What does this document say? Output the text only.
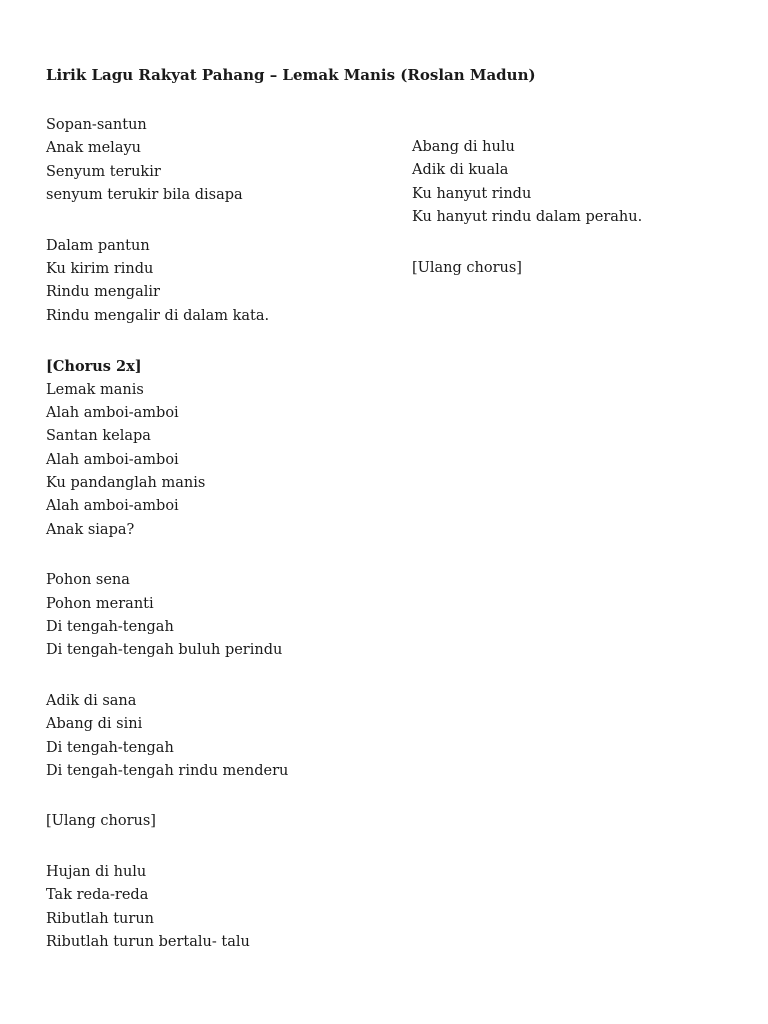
Lirik Lagu Rakyat Pahang – Lemak Manis (Roslan Madun)
Sopan-santun
Anak melayu
Senyum terukir
senyum terukir bila disapa
Dalam pantun
Ku kirim rindu
Rindu mengalir
Rindu mengalir di dalam kata.
[Chorus 2x]
Lemak manis
Alah amboi-amboi
Santan kelapa
Alah amboi-amboi
Ku pandanglah manis
Alah amboi-amboi
Anak siapa?
Pohon sena
Pohon meranti
Di tengah-tengah
Di tengah-tengah buluh perindu
Adik di sana
Abang di sini
Di tengah-tengah
Di tengah-tengah rindu menderu
[Ulang chorus]
Hujan di hulu
Tak reda-reda
Ributlah turun
Ributlah turun bertalu- talu
Abang di hulu
Adik di kuala
Ku hanyut rindu
Ku hanyut rindu dalam perahu.
[Ulang chorus]
